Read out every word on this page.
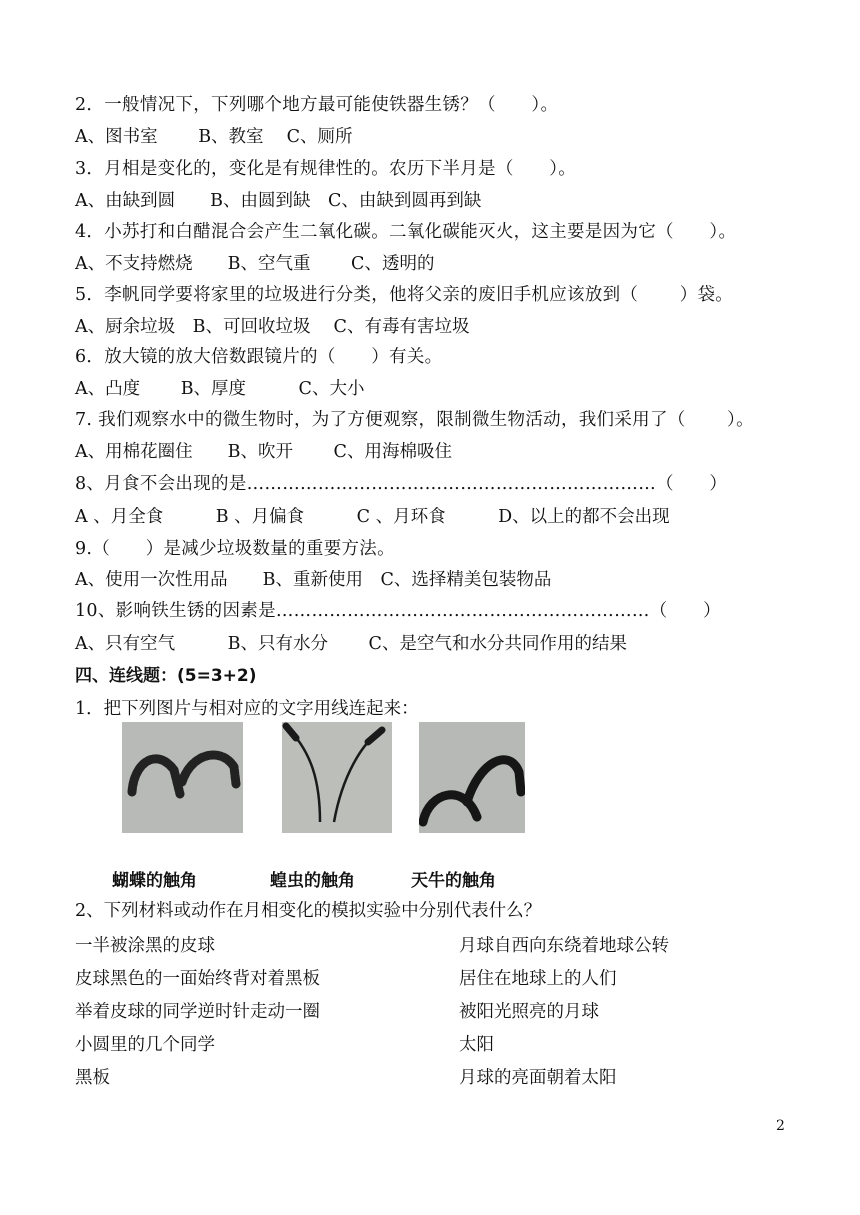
2．一般情况下，下列哪个地方最可能使铁器生锈？（　　）。
A、图书室　　 B、教室　 C、厕所
3．月相是变化的，变化是有规律性的。农历下半月是（　　）。
A、由缺到圆　　B、由圆到缺　C、由缺到圆再到缺
4．小苏打和白醋混合会产生二氧化碳。二氧化碳能灭火，这主要是因为它（　　）。
A、不支持燃烧　　B、空气重　　 C、透明的
5．李帆同学要将家里的垃圾进行分类，他将父亲的废旧手机应该放到（　　 ）袋。
A、厨余垃圾　B、可回收垃圾　 C、有毒有害垃圾
6．放大镜的放大倍数跟镜片的（　　）有关。
A、凸度　　 B、厚度　　　C、大小
7. 我们观察水中的微生物时，为了方便观察，限制微生物活动，我们采用了（　　 ）。
A、用棉花圈住　　B、吹开　　 C、用海棉吸住
8、月食不会出现的是……………………………………………………………（　　）
A 、月全食　　　B 、月偏食　　　C 、月环食　　　D、以上的都不会出现
9.（　　）是减少垃圾数量的重要方法。
A、使用一次性用品　　B、重新使用　C、选择精美包装物品
10、影响铁生锈的因素是………………………………………………………（　　）
A、只有空气　　　B、只有水分　　 C、是空气和水分共同作用的结果
四、连线题：(5=3+2)
1．把下列图片与相对应的文字用线连起来：
蝴蝶的触角	蝗虫的触角	天牛的触角
2、下列材料或动作在月相变化的模拟实验中分别代表什么？
一半被涂黑的皮球
皮球黑色的一面始终背对着黑板
举着皮球的同学逆时针走动一圈
小圆里的几个同学
黑板
月球自西向东绕着地球公转
居住在地球上的人们
被阳光照亮的月球
太阳
月球的亮面朝着太阳
2
